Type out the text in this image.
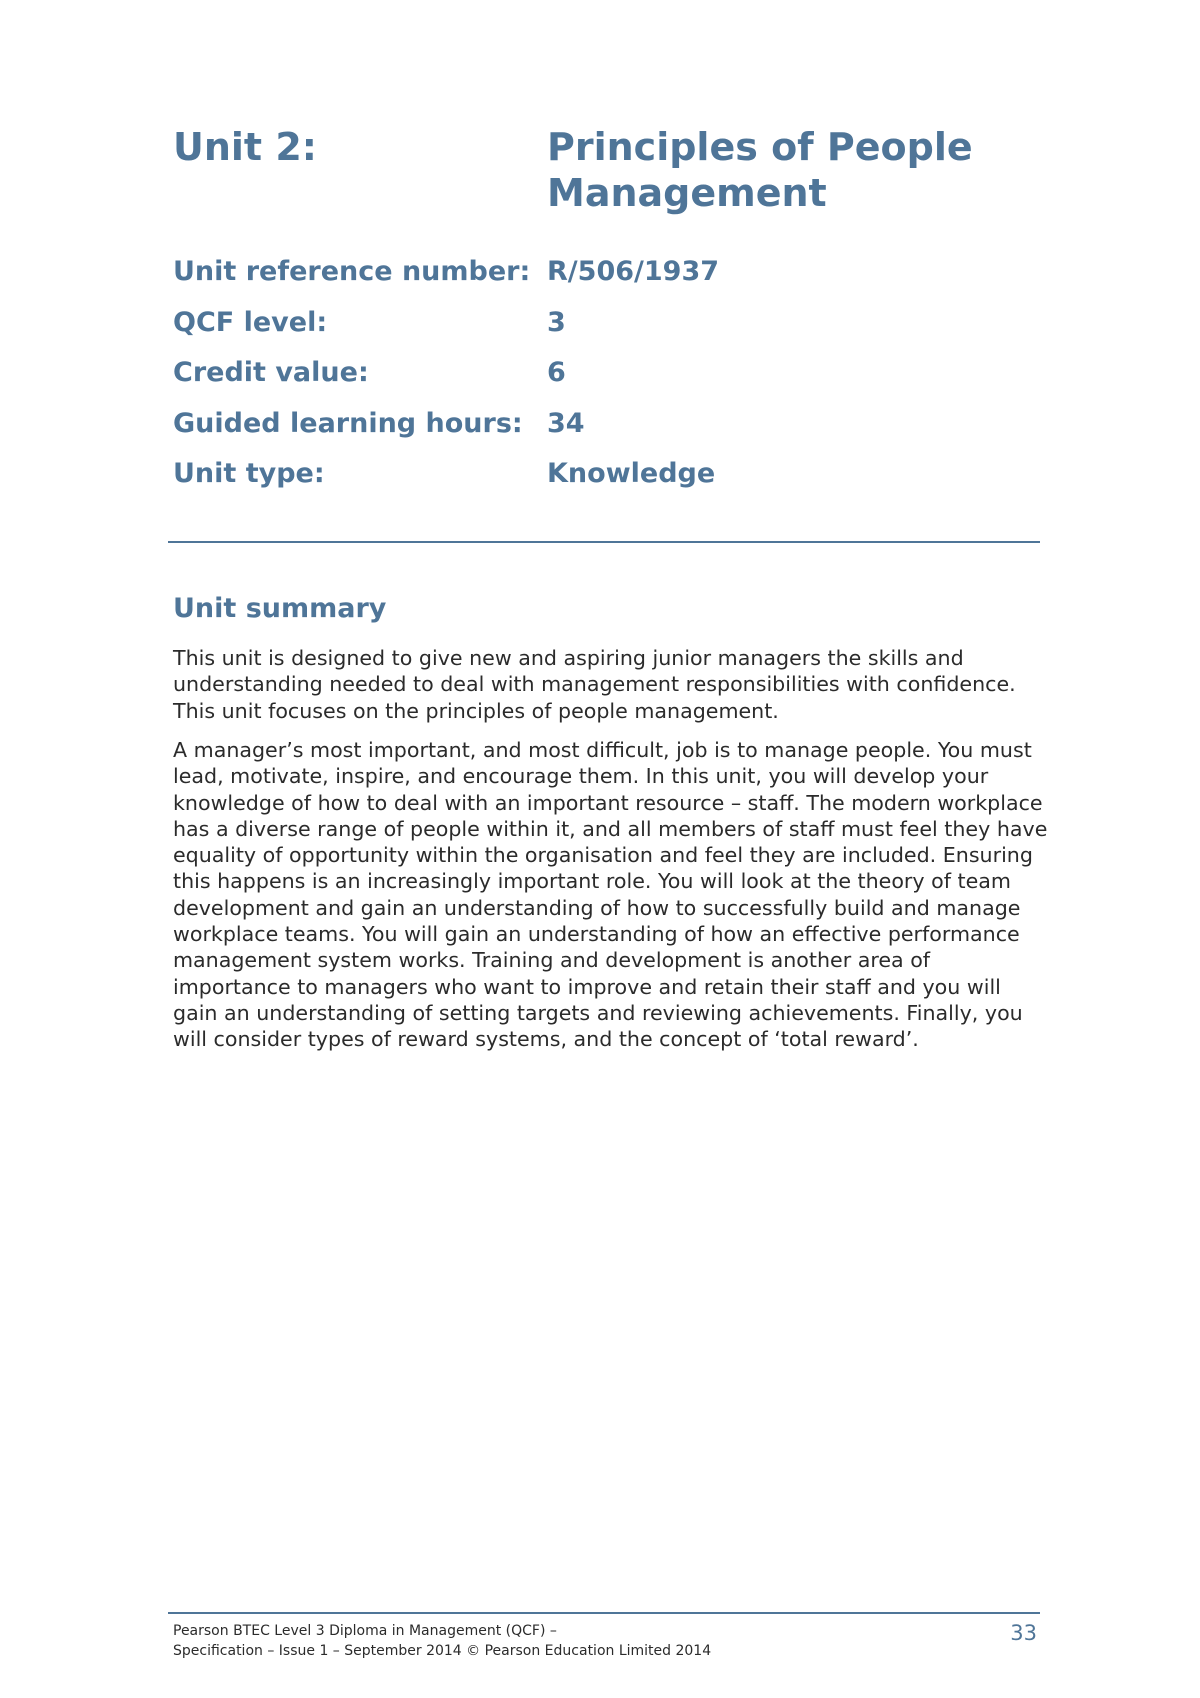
Unit 2:	Principles of People Management
Unit reference number: R/506/1937
QCF level:	3
Credit value:	6
Guided learning hours: 34
Unit type:	Knowledge
Unit summary

This unit is designed to give new and aspiring junior managers the skills and understanding needed to deal with management responsibilities with confidence. This unit focuses on the principles of people management.

A manager’s most important, and most difficult, job is to manage people. You must lead, motivate, inspire, and encourage them. In this unit, you will develop your knowledge of how to deal with an important resource – staff. The modern workplace has a diverse range of people within it, and all members of staff must feel they have equality of opportunity within the organisation and feel they are included. Ensuring this happens is an increasingly important role. You will look at the theory of team development and gain an understanding of how to successfully build and manage workplace teams. You will gain an understanding of how an effective performance management system works. Training and development is another area of importance to managers who want to improve and retain their staff and you will gain an understanding of setting targets and reviewing achievements. Finally, you will consider types of reward systems, and the concept of ‘total reward’.

Pearson BTEC Level 3 Diploma in Management (QCF) –
Specification – Issue 1 – September 2014 © Pearson Education Limited 2014
33
